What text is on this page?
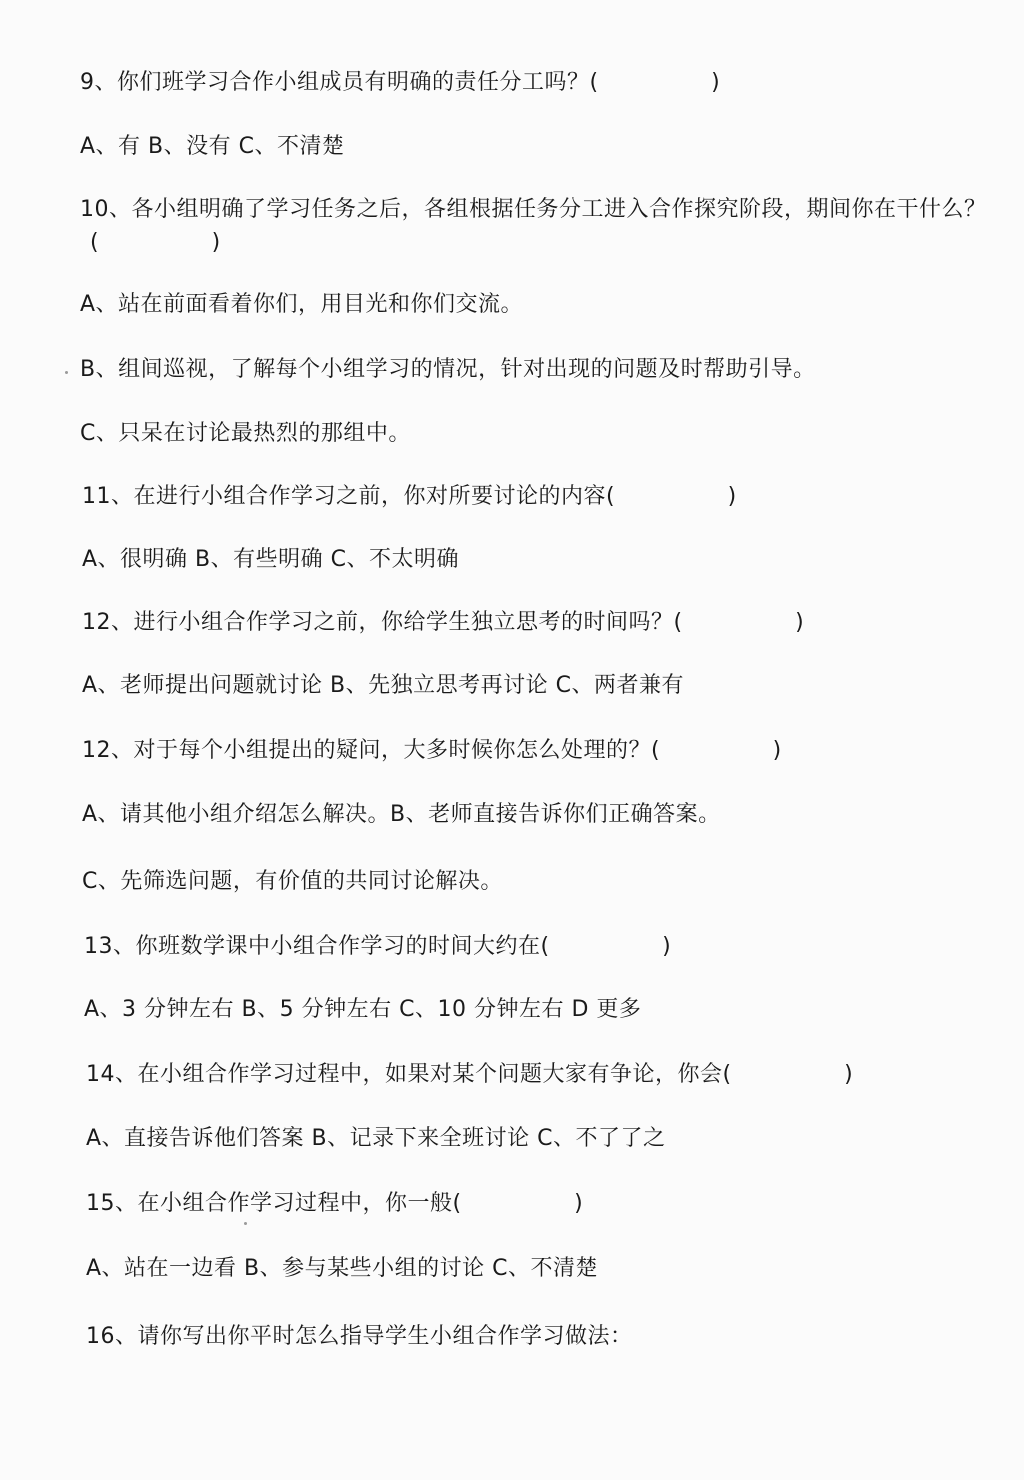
9、你们班学习合作小组成员有明确的责任分工吗？(　　　　　)

A、有 B、没有 C、不清楚

10、各小组明确了学习任务之后，各组根据任务分工进入合作探究阶段，期间你在干什么？

(　　　　　)

A、站在前面看着你们，用目光和你们交流。

B、组间巡视，了解每个小组学习的情况，针对出现的问题及时帮助引导。

C、只呆在讨论最热烈的那组中。

11、在进行小组合作学习之前，你对所要讨论的内容(　　　　　)

A、很明确 B、有些明确 C、不太明确

12、进行小组合作学习之前，你给学生独立思考的时间吗？(　　　　　)

A、老师提出问题就讨论 B、先独立思考再讨论 C、两者兼有

12、对于每个小组提出的疑问，大多时候你怎么处理的？(　　　　　)

A、请其他小组介绍怎么解决。B、老师直接告诉你们正确答案。

C、先筛选问题，有价值的共同讨论解决。

13、你班数学课中小组合作学习的时间大约在(　　　　　)

A、3 分钟左右 B、5 分钟左右 C、10 分钟左右 D 更多

14、在小组合作学习过程中，如果对某个问题大家有争论，你会(　　　　　)

A、直接告诉他们答案 B、记录下来全班讨论 C、不了了之

15、在小组合作学习过程中，你一般(　　　　　)

A、站在一边看 B、参与某些小组的讨论 C、不清楚

16、请你写出你平时怎么指导学生小组合作学习做法：
